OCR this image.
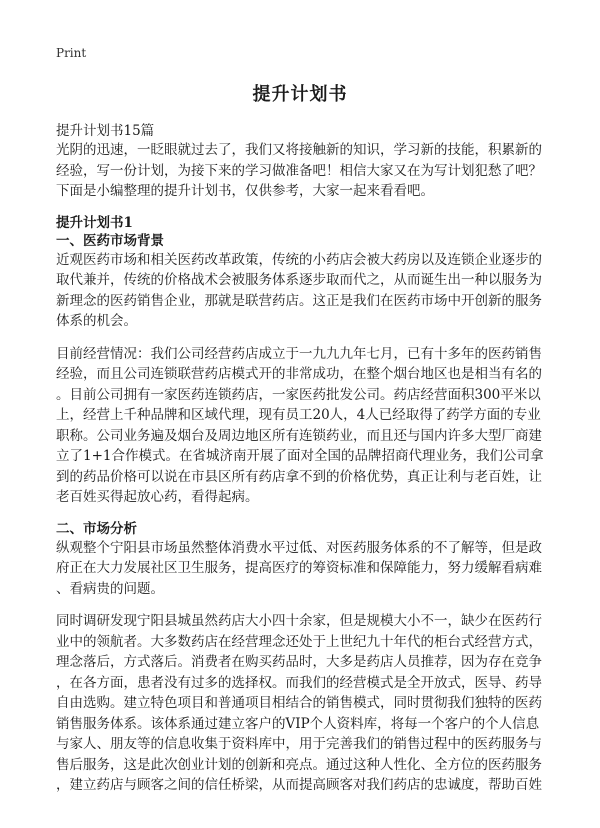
Print
提升计划书

提升计划书15篇

光阴的迅速，一眨眼就过去了，我们又将接触新的知识，学习新的技能，积累新的
经验，写一份计划，为接下来的学习做准备吧！相信大家又在为写计划犯愁了吧？
下面是小编整理的提升计划书，仅供参考，大家一起来看看吧。

提升计划书1

一、医药市场背景

近观医药市场和相关医药改革政策，传统的小药店会被大药房以及连锁企业逐步的
取代兼并，传统的价格战术会被服务体系逐步取而代之，从而诞生出一种以服务为
新理念的医药销售企业，那就是联营药店。这正是我们在医药市场中开创新的服务
体系的机会。
目前经营情况：我们公司经营药店成立于一九九九年七月，已有十多年的医药销售
经验，而且公司连锁联营药店模式开的非常成功，在整个烟台地区也是相当有名的
。目前公司拥有一家医药连锁药店，一家医药批发公司。药店经营面积300平米以
上，经营上千种品牌和区域代理，现有员工20人，4人已经取得了药学方面的专业
职称。公司业务遍及烟台及周边地区所有连锁药业，而且还与国内许多大型厂商建
立了1+1合作模式。在省城济南开展了面对全国的品牌招商代理业务，我们公司拿
到的药品价格可以说在市县区所有药店拿不到的价格优势，真正让利与老百姓，让
老百姓买得起放心药，看得起病。

二、市场分析

纵观整个宁阳县市场虽然整体消费水平过低、对医药服务体系的不了解等，但是政
府正在大力发展社区卫生服务，提高医疗的筹资标准和保障能力，努力缓解看病难
、看病贵的问题。
同时调研发现宁阳县城虽然药店大小四十余家，但是规模大小不一，缺少在医药行
业中的领航者。大多数药店在经营理念还处于上世纪九十年代的柜台式经营方式，
理念落后，方式落后。消费者在购买药品时，大多是药店人员推荐，因为存在竞争
，在各方面，患者没有过多的选择权。而我们的经营模式是全开放式，医导、药导
自由选购。建立特色项目和普通项目相结合的销售模式，同时贯彻我们独特的医药
销售服务体系。该体系通过建立客户的VIP个人资料库，将每一个客户的个人信息
与家人、朋友等的信息收集于资料库中，用于完善我们的销售过程中的医药服务与
售后服务，这是此次创业计划的创新和亮点。通过这种人性化、全方位的医药服务
，建立药店与顾客之间的信任桥梁，从而提高顾客对我们药店的忠诚度，帮助百姓
